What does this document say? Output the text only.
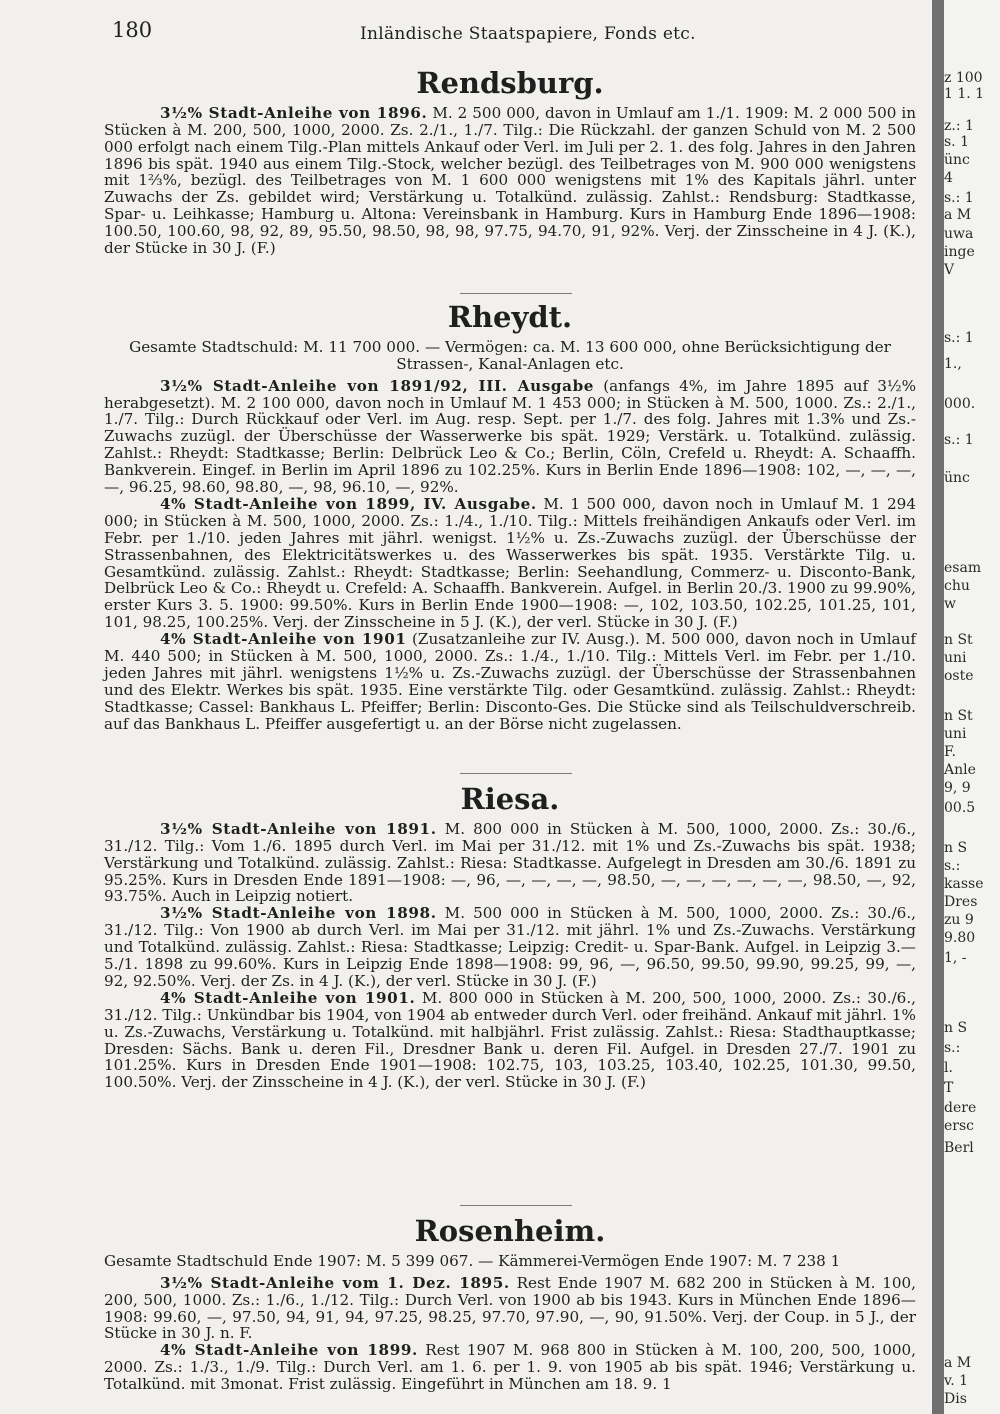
180	Inländische Staatspapiere, Fonds etc.
Rendsburg.

3½% Stadt-Anleihe von 1896. M. 2 500 000, davon in Umlauf am 1./1. 1909: M. 2 000 500 in Stücken à M. 200, 500, 1000, 2000. Zs. 2./1., 1./7. Tilg.: Die Rückzahl. der ganzen Schuld von M. 2 500 000 erfolgt nach einem Tilg.-Plan mittels Ankauf oder Verl. im Juli per 2. 1. des folg. Jahres in den Jahren 1896 bis spät. 1940 aus einem Tilg.-Stock, welcher bezügl. des Teilbetrages von M. 900 000 wenigstens mit 1⅔%, bezügl. des Teilbetrages von M. 1 600 000 wenigstens mit 1% des Kapitals jährl. unter Zuwachs der Zs. gebildet wird; Verstärkung u. Totalkünd. zulässig. Zahlst.: Rendsburg: Stadtkasse, Spar- u. Leihkasse; Hamburg u. Altona: Vereinsbank in Hamburg. Kurs in Hamburg Ende 1896—1908: 100.50, 100.60, 98, 92, 89, 95.50, 98.50, 98, 98, 97.75, 94.70, 91, 92%. Verj. der Zinsscheine in 4 J. (K.), der Stücke in 30 J. (F.)

Rheydt.

Gesamte Stadtschuld: M. 11 700 000. — Vermögen: ca. M. 13 600 000, ohne Berücksichtigung der Strassen-, Kanal-Anlagen etc.

3½% Stadt-Anleihe von 1891/92, III. Ausgabe (anfangs 4%, im Jahre 1895 auf 3½% herabgesetzt). M. 2 100 000, davon noch in Umlauf M. 1 453 000; in Stücken à M. 500, 1000. Zs.: 2./1., 1./7. Tilg.: Durch Rückkauf oder Verl. im Aug. resp. Sept. per 1./7. des folg. Jahres mit 1.3% und Zs.-Zuwachs zuzügl. der Überschüsse der Wasserwerke bis spät. 1929; Verstärk. u. Totalkünd. zulässig. Zahlst.: Rheydt: Stadtkasse; Berlin: Delbrück Leo & Co.; Berlin, Cöln, Crefeld u. Rheydt: A. Schaaffh. Bankverein. Eingef. in Berlin im April 1896 zu 102.25%. Kurs in Berlin Ende 1896—1908: 102, —, —, —, —, 96.25, 98.60, 98.80, —, 98, 96.10, —, 92%.

4% Stadt-Anleihe von 1899, IV. Ausgabe. M. 1 500 000, davon noch in Umlauf M. 1 294 000; in Stücken à M. 500, 1000, 2000. Zs.: 1./4., 1./10. Tilg.: Mittels freihändigen Ankaufs oder Verl. im Febr. per 1./10. jeden Jahres mit jährl. wenigst. 1½% u. Zs.-Zuwachs zuzügl. der Überschüsse der Strassenbahnen, des Elektricitätswerkes u. des Wasserwerkes bis spät. 1935. Verstärkte Tilg. u. Gesamtkünd. zulässig. Zahlst.: Rheydt: Stadtkasse; Berlin: Seehandlung, Commerz- u. Disconto-Bank, Delbrück Leo & Co.: Rheydt u. Crefeld: A. Schaaffh. Bankverein. Aufgel. in Berlin 20./3. 1900 zu 99.90%, erster Kurs 3. 5. 1900: 99.50%. Kurs in Berlin Ende 1900—1908: —, 102, 103.50, 102.25, 101.25, 101, 101, 98.25, 100.25%. Verj. der Zinsscheine in 5 J. (K.), der verl. Stücke in 30 J. (F.)

4% Stadt-Anleihe von 1901 (Zusatzanleihe zur IV. Ausg.). M. 500 000, davon noch in Umlauf M. 440 500; in Stücken à M. 500, 1000, 2000. Zs.: 1./4., 1./10. Tilg.: Mittels Verl. im Febr. per 1./10. jeden Jahres mit jährl. wenigstens 1½% u. Zs.-Zuwachs zuzügl. der Überschüsse der Strassenbahnen und des Elektr. Werkes bis spät. 1935. Eine verstärkte Tilg. oder Gesamtkünd. zulässig. Zahlst.: Rheydt: Stadtkasse; Cassel: Bankhaus L. Pfeiffer; Berlin: Disconto-Ges. Die Stücke sind als Teilschuldverschreib. auf das Bankhaus L. Pfeiffer ausgefertigt u. an der Börse nicht zugelassen.

Riesa.

3½% Stadt-Anleihe von 1891. M. 800 000 in Stücken à M. 500, 1000, 2000. Zs.: 30./6., 31./12. Tilg.: Vom 1./6. 1895 durch Verl. im Mai per 31./12. mit 1% und Zs.-Zuwachs bis spät. 1938; Verstärkung und Totalkünd. zulässig. Zahlst.: Riesa: Stadtkasse. Aufgelegt in Dresden am 30./6. 1891 zu 95.25%. Kurs in Dresden Ende 1891—1908: —, 96, —, —, —, —, 98.50, —, —, —, —, —, —, 98.50, —, 92, 93.75%. Auch in Leipzig notiert.

3½% Stadt-Anleihe von 1898. M. 500 000 in Stücken à M. 500, 1000, 2000. Zs.: 30./6., 31./12. Tilg.: Von 1900 ab durch Verl. im Mai per 31./12. mit jährl. 1% und Zs.-Zuwachs. Verstärkung und Totalkünd. zulässig. Zahlst.: Riesa: Stadtkasse; Leipzig: Credit- u. Spar-Bank. Aufgel. in Leipzig 3.—5./1. 1898 zu 99.60%. Kurs in Leipzig Ende 1898—1908: 99, 96, —, 96.50, 99.50, 99.90, 99.25, 99, —, 92, 92.50%. Verj. der Zs. in 4 J. (K.), der verl. Stücke in 30 J. (F.)

4% Stadt-Anleihe von 1901. M. 800 000 in Stücken à M. 200, 500, 1000, 2000. Zs.: 30./6., 31./12. Tilg.: Unkündbar bis 1904, von 1904 ab entweder durch Verl. oder freihänd. Ankauf mit jährl. 1% u. Zs.-Zuwachs, Verstärkung u. Totalkünd. mit halbjährl. Frist zulässig. Zahlst.: Riesa: Stadthauptkasse; Dresden: Sächs. Bank u. deren Fil., Dresdner Bank u. deren Fil. Aufgel. in Dresden 27./7. 1901 zu 101.25%. Kurs in Dresden Ende 1901—1908: 102.75, 103, 103.25, 103.40, 102.25, 101.30, 99.50, 100.50%. Verj. der Zinsscheine in 4 J. (K.), der verl. Stücke in 30 J. (F.)

Rosenheim.

Gesamte Stadtschuld Ende 1907: M. 5 399 067. — Kämmerei-Vermögen Ende 1907: M. 7 238 1

3½% Stadt-Anleihe vom 1. Dez. 1895. Rest Ende 1907 M. 682 200 in Stücken à M. 100, 200, 500, 1000. Zs.: 1./6., 1./12. Tilg.: Durch Verl. von 1900 ab bis 1943. Kurs in München Ende 1896—1908: 99.60, —, 97.50, 94, 91, 94, 97.25, 98.25, 97.70, 97.90, —, 90, 91.50%. Verj. der Coup. in 5 J., der Stücke in 30 J. n. F.

4% Stadt-Anleihe von 1899. Rest 1907 M. 968 800 in Stücken à M. 100, 200, 500, 1000, 2000. Zs.: 1./3., 1./9. Tilg.: Durch Verl. am 1. 6. per 1. 9. von 1905 ab bis spät. 1946; Verstärkung u. Totalkünd. mit 3monat. Frist zulässig. Eingeführt in München am 18. 9. 1

z 100
1 1. 1
z.: 1
s. 1
ünc
4
s.: 1
a M
uwa
inge
V
s.: 1
1.,
000.
s.: 1
ünc
esam
chu
w
n St
uni
oste
n St
uni
F.
Anle
9, 9
00.5
n S
s.:
kasse
Dres
zu 9
9.80
1, -
n S
s.:
l.
T
dere
ersc
Berl
a M
v. 1
Dis
